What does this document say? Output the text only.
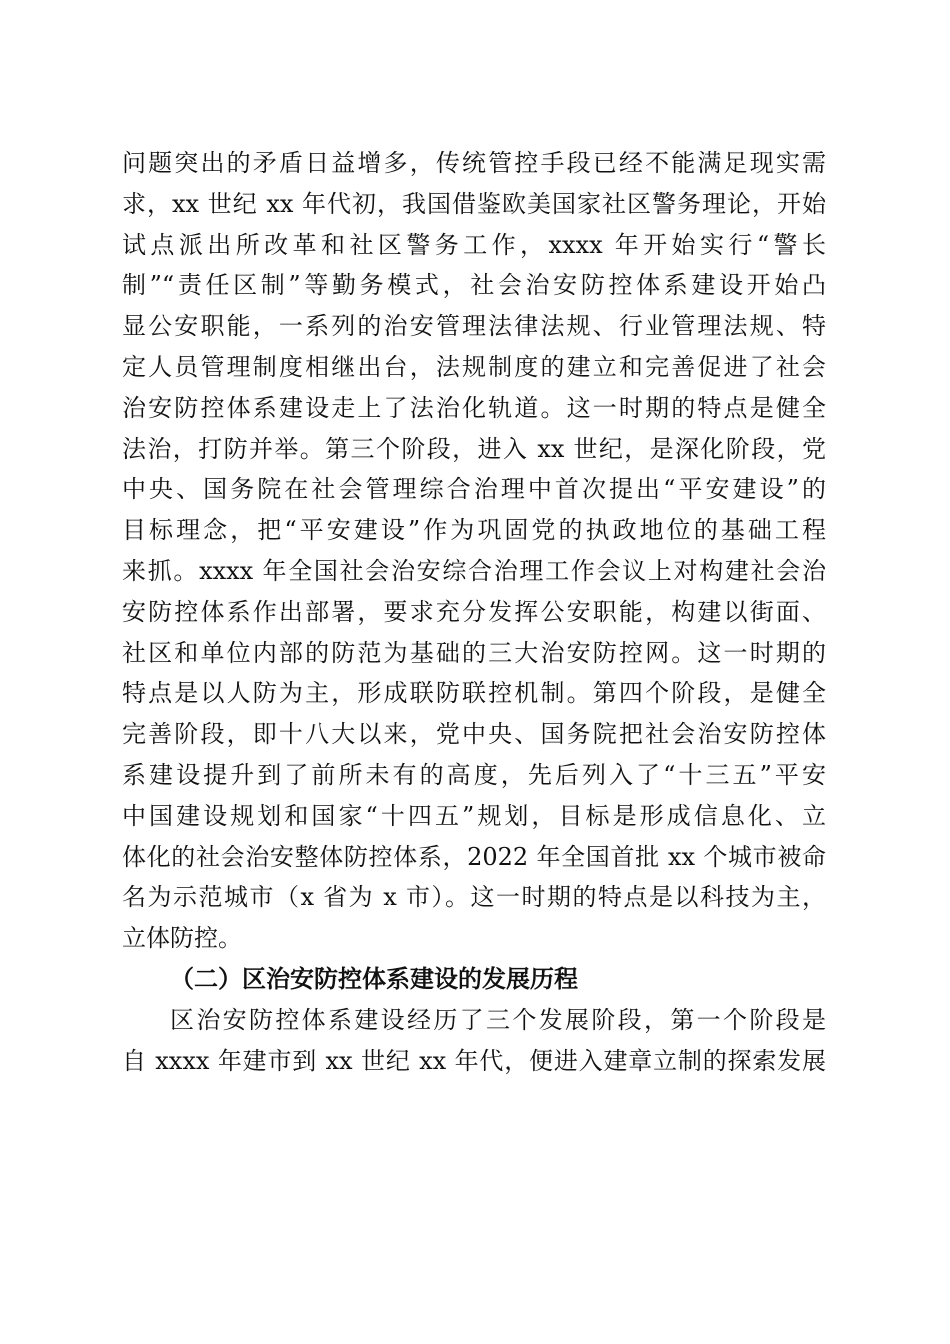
问题突出的矛盾日益增多，传统管控手段已经不能满足现实需
求，xx 世纪 xx 年代初，我国借鉴欧美国家社区警务理论，开始
试点派出所改革和社区警务工作，xxxx 年开始实行“警长
制”“责任区制”等勤务模式，社会治安防控体系建设开始凸
显公安职能，一系列的治安管理法律法规、行业管理法规、特
定人员管理制度相继出台，法规制度的建立和完善促进了社会
治安防控体系建设走上了法治化轨道。这一时期的特点是健全
法治，打防并举。第三个阶段，进入 xx 世纪，是深化阶段，党
中央、国务院在社会管理综合治理中首次提出“平安建设”的
目标理念，把“平安建设”作为巩固党的执政地位的基础工程
来抓。xxxx 年全国社会治安综合治理工作会议上对构建社会治
安防控体系作出部署，要求充分发挥公安职能，构建以街面、
社区和单位内部的防范为基础的三大治安防控网。这一时期的
特点是以人防为主，形成联防联控机制。第四个阶段，是健全
完善阶段，即十八大以来，党中央、国务院把社会治安防控体
系建设提升到了前所未有的高度，先后列入了“十三五”平安
中国建设规划和国家“十四五”规划，目标是形成信息化、立
体化的社会治安整体防控体系，2022 年全国首批 xx 个城市被命
名为示范城市（x 省为 x 市）。这一时期的特点是以科技为主，
立体防控。
（二）区治安防控体系建设的发展历程
区治安防控体系建设经历了三个发展阶段，第一个阶段是
自 xxxx 年建市到 xx 世纪 xx 年代，便进入建章立制的探索发展
